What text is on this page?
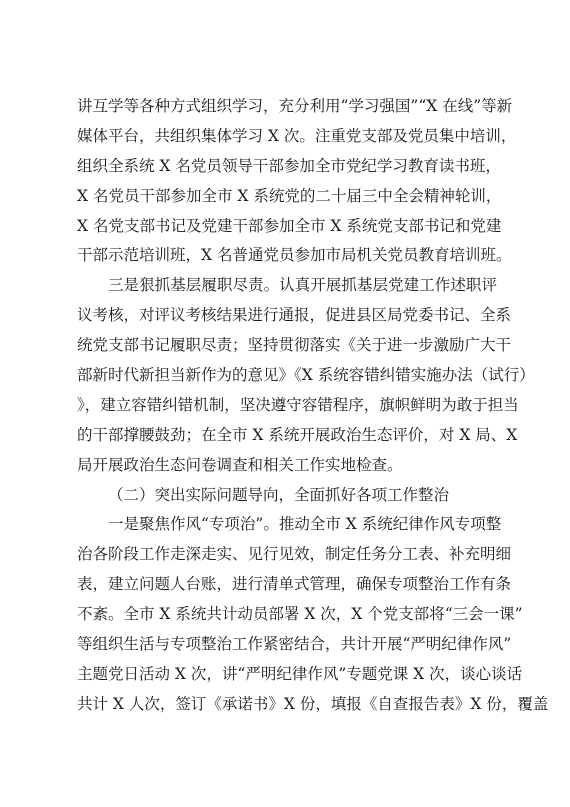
讲互学等各种方式组织学习，充分利用“学习强国”“X 在线”等新
媒体平台，共组织集体学习 X 次。注重党支部及党员集中培训，
组织全系统 X 名党员领导干部参加全市党纪学习教育读书班，
X 名党员干部参加全市 X 系统党的二十届三中全会精神轮训，
X 名党支部书记及党建干部参加全市 X 系统党支部书记和党建
干部示范培训班，X 名普通党员参加市局机关党员教育培训班。
三是狠抓基层履职尽责。认真开展抓基层党建工作述职评
议考核，对评议考核结果进行通报，促进县区局党委书记、全系
统党支部书记履职尽责；坚持贯彻落实《关于进一步激励广大干
部新时代新担当新作为的意见》《X 系统容错纠错实施办法（试行）
》，建立容错纠错机制，坚决遵守容错程序，旗帜鲜明为敢于担当
的干部撑腰鼓劲；在全市 X 系统开展政治生态评价，对 X 局、X
局开展政治生态问卷调查和相关工作实地检查。
（二）突出实际问题导向，全面抓好各项工作整治
一是聚焦作风“专项治”。推动全市 X 系统纪律作风专项整
治各阶段工作走深走实、见行见效，制定任务分工表、补充明细
表，建立问题人台账，进行清单式管理，确保专项整治工作有条
不紊。全市 X 系统共计动员部署 X 次，X 个党支部将“三会一课”
等组织生活与专项整治工作紧密结合，共计开展“严明纪律作风”
主题党日活动 X 次，讲“严明纪律作风”专题党课 X 次，谈心谈话
共计 X 人次，签订《承诺书》X 份，填报《自查报告表》X 份，覆盖
